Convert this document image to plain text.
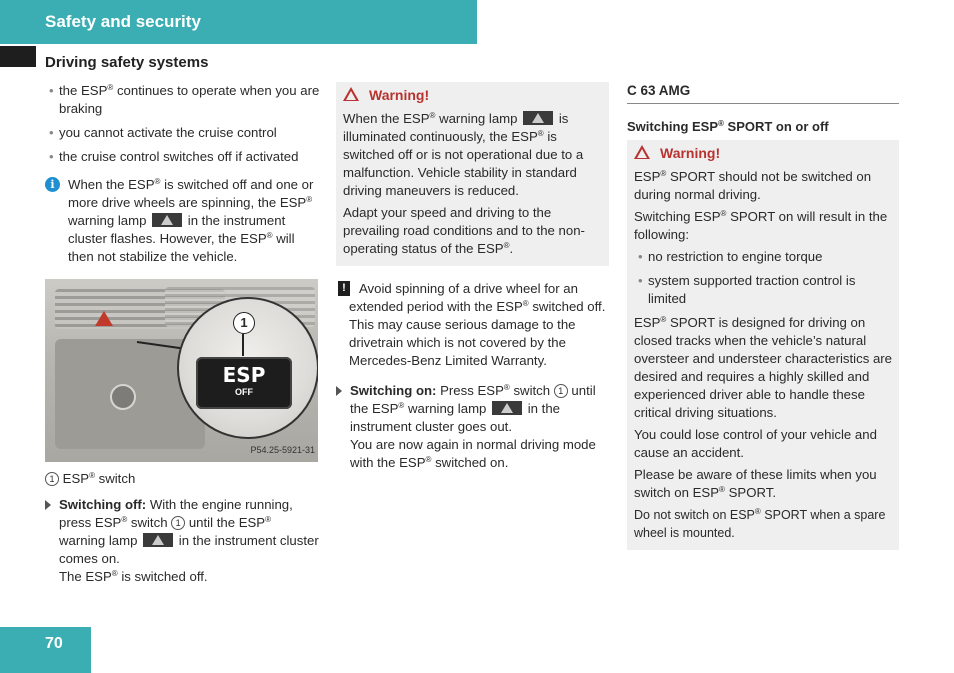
Safety and security
Driving safety systems
• the ESP® continues to operate when you are braking
• you cannot activate the cruise control
• the cruise control switches off if activated
i	When the ESP® is switched off and one or more drive wheels are spinning, the ESP® warning lamp	in the instrument cluster flashes. However, the ESP® will then not stabilize the vehicle.
ESP
OFF
1
P54.25-5921-31
1 ESP® switch
Switching off: With the engine running, press ESP® switch 1 until the ESP® warning lamp	in the instrument cluster comes on.
The ESP® is switched off.
Warning!

When the ESP® warning lamp	is illuminated continuously, the ESP® is switched off or is not operational due to a malfunction. Vehicle stability in standard driving maneuvers is reduced.

Adapt your speed and driving to the prevailing road conditions and to the non-operating status of the ESP®.

! Avoid spinning of a drive wheel for an extended period with the ESP® switched off. This may cause serious damage to the drivetrain which is not covered by the Mercedes-Benz Limited Warranty.
Switching on: Press ESP® switch 1 until the ESP® warning lamp	in the instrument cluster goes out.
You are now again in normal driving mode with the ESP® switched on.
C 63 AMG
Switching ESP® SPORT on or off
Warning!

ESP® SPORT should not be switched on during normal driving.

Switching ESP® SPORT on will result in the following:

• no restriction to engine torque
• system supported traction control is limited

ESP® SPORT is designed for driving on closed tracks when the vehicle’s natural oversteer and understeer characteristics are desired and requires a highly skilled and experienced driver able to handle these critical driving situations.

You could lose control of your vehicle and cause an accident.

Please be aware of these limits when you switch on ESP® SPORT.

Do not switch on ESP® SPORT when a spare wheel is mounted.

70
